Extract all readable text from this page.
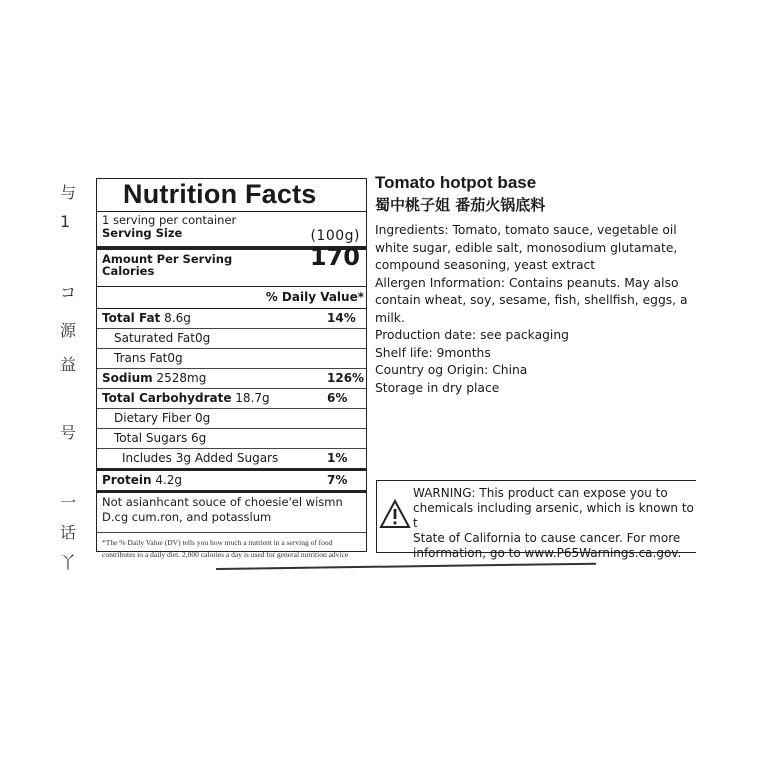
与
1
コ
源
益
号
一
话
丫
Nutrition Facts
1 serving per container
Serving Size	(100g)
Amount Per Serving
Calories	170
% Daily Value*
Total Fat 8.6g	14%
Saturated Fat0g
Trans Fat0g
Sodium 2528mg	126%
Total Carbohydrate 18.7g	6%
Dietary Fiber 0g
Total Sugars 6g
Includes 3g Added Sugars	1%
Protein 4.2g	7%
Not asianhcant souce of choesie'el wismn D.cg cum.ron, and potasslum
*The % Daily Value (DV) tells you how much a nutrient in a serving of food contributes to a daily diet. 2,000 calories a day is used for general nutrition advice
Tomato hotpot base
蜀中桃子姐 番茄火锅底料

Ingredients: Tomato, tomato sauce, vegetable oil
white sugar, edible salt, monosodium glutamate,
compound seasoning, yeast extract

Allergen Information: Contains peanuts. May also
contain wheat, soy, sesame, fish, shellfish, eggs, a
milk.

Production date: see packaging

Shelf life: 9months

Country og Origin: China

Storage in dry place

WARNING: This product can expose you to
chemicals including arsenic, which is known to t
State of California to cause cancer. For more
information, go to www.P65Warnings.ca.gov.
